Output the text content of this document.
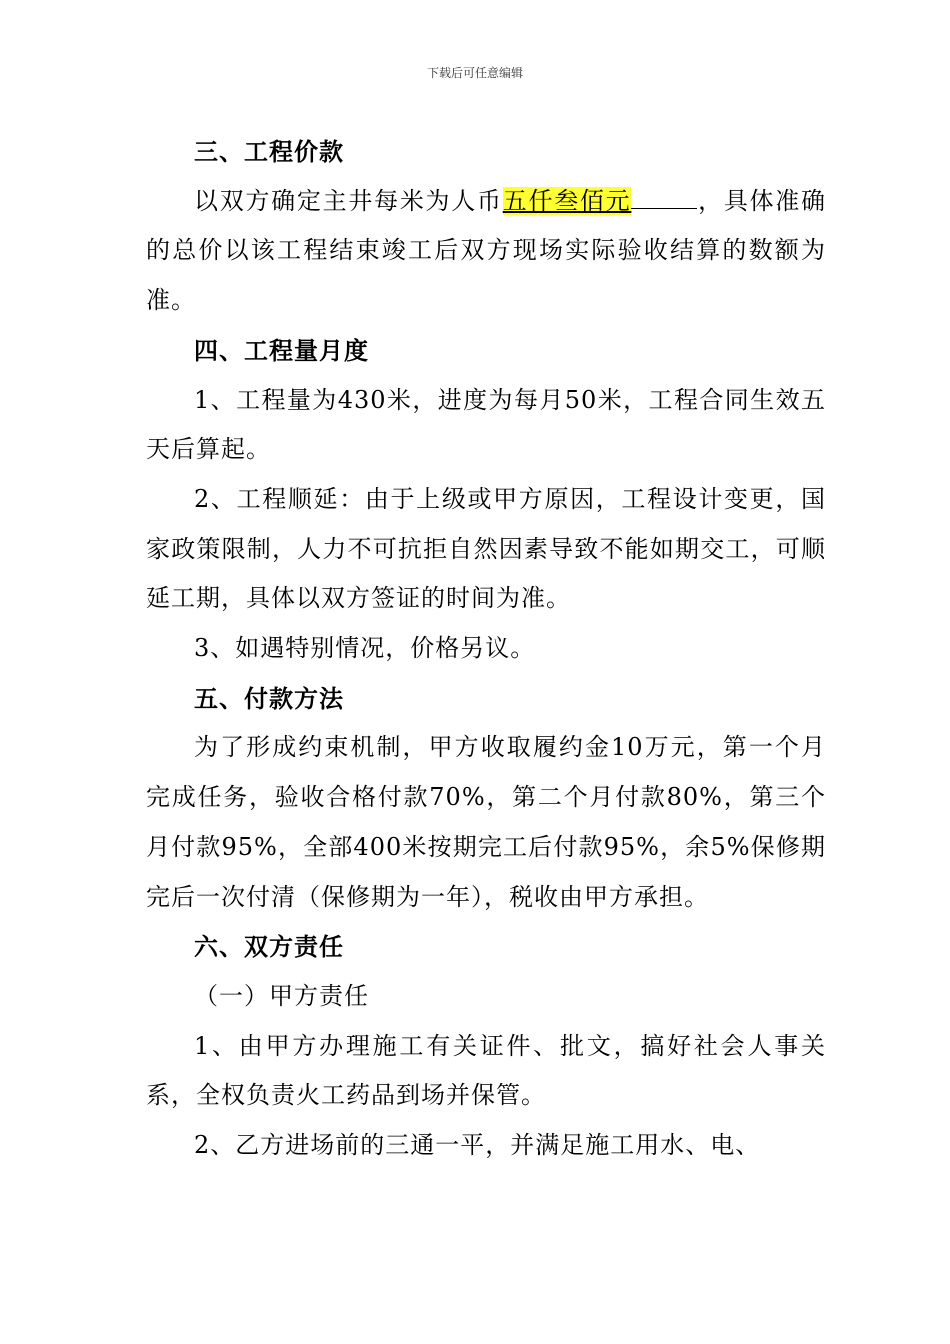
下载后可任意编辑

三、工程价款

以双方确定主井每米为人币五仟叁佰元	，具体准确的总价以该工程结束竣工后双方现场实际验收结算的数额为准。

四、工程量月度

1、工程量为430米，进度为每月50米，工程合同生效五天后算起。

2、工程顺延：由于上级或甲方原因，工程设计变更，国家政策限制，人力不可抗拒自然因素导致不能如期交工，可顺延工期，具体以双方签证的时间为准。

3、如遇特别情况，价格另议。

五、付款方法

为了形成约束机制，甲方收取履约金10万元，第一个月完成任务，验收合格付款70%，第二个月付款80%，第三个月付款95%，全部400米按期完工后付款95%，余5%保修期完后一次付清（保修期为一年），税收由甲方承担。

六、双方责任

（一）甲方责任

1、由甲方办理施工有关证件、批文，搞好社会人事关系，全权负责火工药品到场并保管。

2、乙方进场前的三通一平，并满足施工用水、电、
